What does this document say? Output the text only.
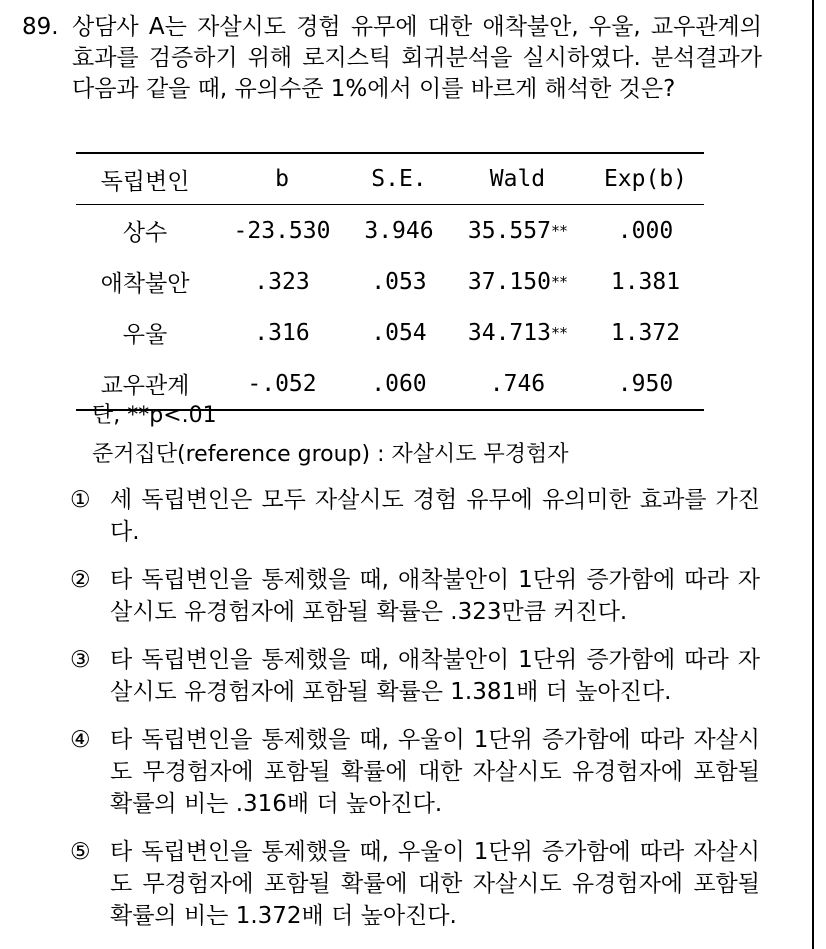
89. 상담사 A는 자살시도 경험 유무에 대한 애착불안, 우울, 교우관계의 효과를 검증하기 위해 로지스틱 회귀분석을 실시하였다. 분석결과가 다음과 같을 때, 유의수준 1%에서 이를 바르게 해석한 것은?
독립변인	b	S.E.	Wald	Exp(b)
상수	-23.530	3.946	35.557**	.000
애착불안	.323	.053	37.150**	1.381
우울	.316	.054	34.713**	1.372
교우관계	-.052	.060	.746	.950
단, **p<.01
준거집단(reference group) : 자살시도 무경험자
① 세 독립변인은 모두 자살시도 경험 유무에 유의미한 효과를 가진다.
② 타 독립변인을 통제했을 때, 애착불안이 1단위 증가함에 따라 자살시도 유경험자에 포함될 확률은 .323만큼 커진다.
③ 타 독립변인을 통제했을 때, 애착불안이 1단위 증가함에 따라 자살시도 유경험자에 포함될 확률은 1.381배 더 높아진다.
④ 타 독립변인을 통제했을 때, 우울이 1단위 증가함에 따라 자살시도 무경험자에 포함될 확률에 대한 자살시도 유경험자에 포함될 확률의 비는 .316배 더 높아진다.
⑤ 타 독립변인을 통제했을 때, 우울이 1단위 증가함에 따라 자살시도 무경험자에 포함될 확률에 대한 자살시도 유경험자에 포함될 확률의 비는 1.372배 더 높아진다.
